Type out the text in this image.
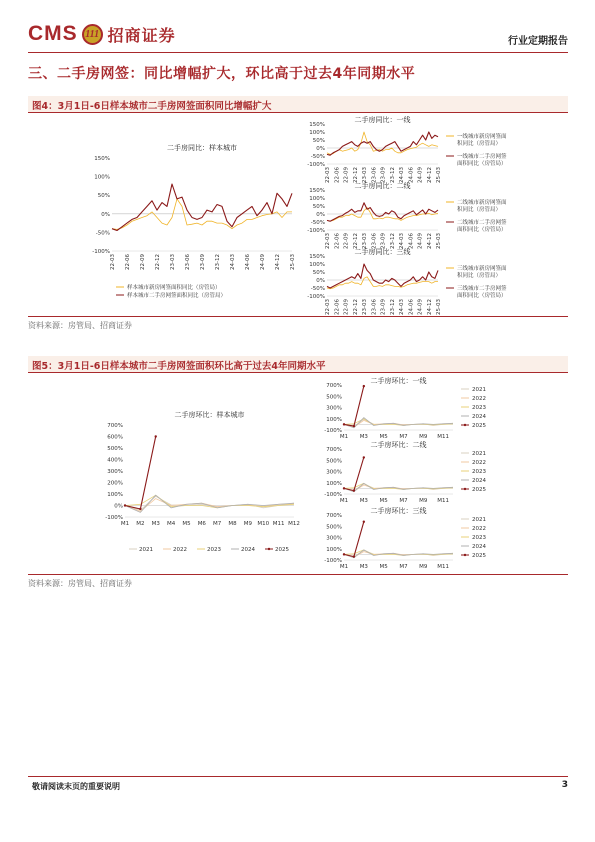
CMS 111 招商证券	行业定期报告
三、二手房网签：同比增幅扩大，环比高于过去4年同期水平
图4：3月1日-6日样本城市二手房网签面积同比增幅扩大
二手房同比：样本城市
150%
100%
50%
0%
-50%
-100%
22-03 22-06 22-09 22-12 23-03 23-06 23-09 23-12 24-03 24-06 24-09 24-12 25-03
样本城市新房网签面积同比（房管局）
样本城市二手房网签面积同比（房管局）
二手房同比：一线
150%
100%
50%
0%
-50%
-100%
22-03 22-06 22-09 22-12 23-03 23-06 23-09 23-12 24-03 24-06 24-09 24-12 25-03
一线城市新房网签面
积同比（房管局）
一线城市二手房网签
面积同比（房管局）
二手房同比：二线
150%
100%
50%
0%
-50%
-100%
22-03 22-06 22-09 22-12 23-03 23-06 23-09 23-12 24-03 24-06 24-09 24-12 25-03
二线城市新房网签面
积同比（房管局）
二线城市二手房网签
面积同比（房管局）
二手房同比：三线
150%
100%
50%
0%
-50%
-100%
22-03 22-06 22-09 22-12 23-03 23-06 23-09 23-12 24-03 24-06 24-09 24-12 25-03
三线城市新房网签面
积同比（房管局）
三线城市二手房网签
面积同比（房管局）
资料来源：房管局、招商证券
图5：3月1日-6日样本城市二手房网签面积环比高于过去4年同期水平
二手房环比：样本城市
700%
600%
500%
400%
300%
200%
100%
0%
-100%
M1 M2 M3 M4 M5 M6 M7 M8 M9 M10 M11 M12
2021	2022	2023	2024	2025
二手房环比：一线
700%
500%
300%
100%
-100%
M1 M3 M5 M7 M9 M11
2021
2022
2023
2024
2025
二手房环比：二线
700%
500%
300%
100%
-100%
M1 M3 M5 M7 M9 M11
2021
2022
2023
2024
2025
二手房环比：三线
700%
500%
300%
100%
-100%
M1 M3 M5 M7 M9 M11
2021
2022
2023
2024
2025
资料来源：房管局、招商证券
敬请阅读末页的重要说明	3
